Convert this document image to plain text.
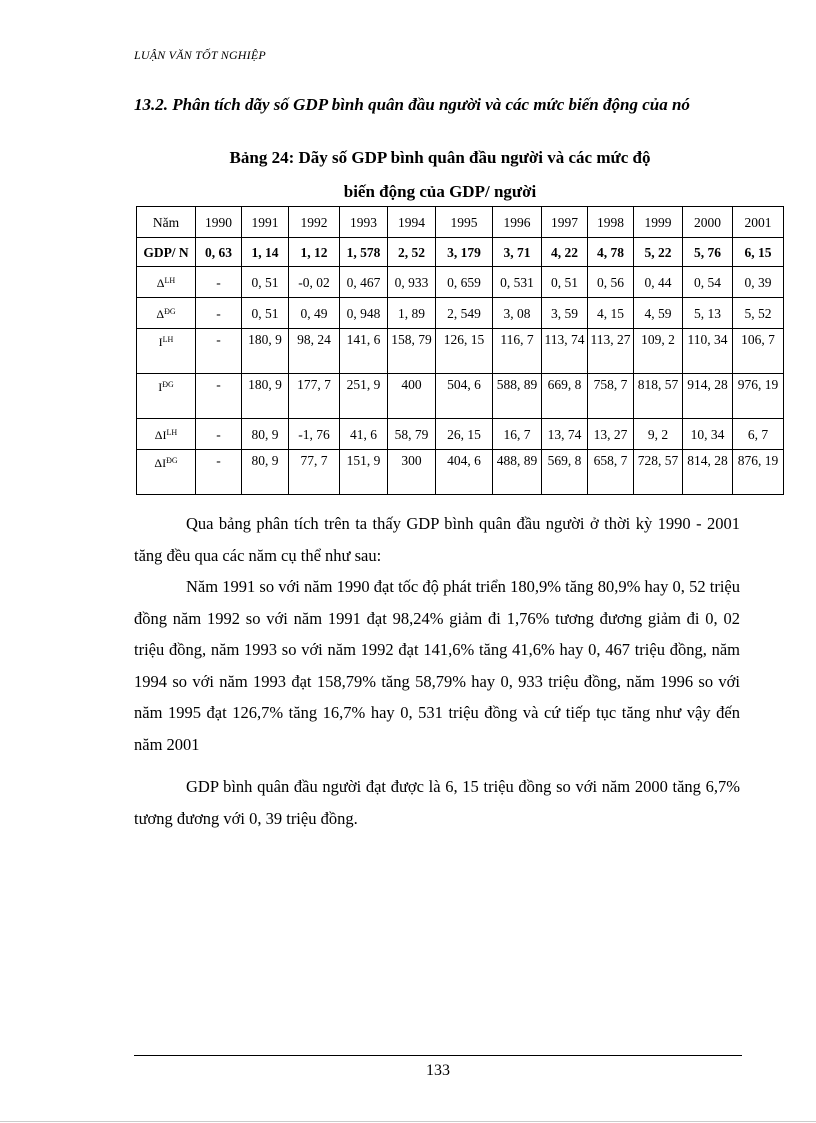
LUẬN VĂN TỐT NGHIỆP
13.2. Phân tích dãy số GDP bình quân đầu người và các mức biến động của nó
Bảng 24: Dãy số GDP bình quân đầu người và các mức độ
biến động của GDP/ người
Năm	1990	1991	1992	1993	1994	1995	1996	1997	1998	1999	2000	2001
GDP/ N	0, 63	1, 14	1, 12	1, 578	2, 52	3, 179	3, 71	4, 22	4, 78	5, 22	5, 76	6, 15
$\Delta^{LH}$	-	0, 51	-0, 02	0, 467	0, 933	0, 659	0, 531	0, 51	0, 56	0, 44	0, 54	0, 39
$\Delta^{ĐG}$	-	0, 51	0, 49	0, 948	1, 89	2, 549	3, 08	3, 59	4, 15	4, 59	5, 13	5, 52
$I^{LH}$	-	180, 9	98, 24	141, 6	158, 79	126, 15	116, 7	113, 74	113, 27	109, 2	110, 34	106, 7
$I^{ĐG}$	-	180, 9	177, 7	251, 9	400	504, 6	588, 89	669, 8	758, 7	818, 57	914, 28	976, 19
$\Delta I^{LH}$	-	80, 9	-1, 76	41, 6	58, 79	26, 15	16, 7	13, 74	13, 27	9, 2	10, 34	6, 7
$\Delta I^{ĐG}$	-	80, 9	77, 7	151, 9	300	404, 6	488, 89	569, 8	658, 7	728, 57	814, 28	876, 19
Qua bảng phân tích trên ta thấy GDP bình quân đầu người ở thời kỳ 1990 - 2001 tăng đều qua các năm cụ thể như sau:
Năm 1991 so với năm 1990 đạt tốc độ phát triển 180,9% tăng 80,9% hay 0, 52 triệu đồng năm 1992 so với năm 1991 đạt 98,24% giảm đi 1,76% tương đương giảm đi 0, 02 triệu đồng, năm 1993 so với năm 1992 đạt 141,6% tăng 41,6% hay 0, 467 triệu đồng, năm 1994 so với năm 1993 đạt 158,79% tăng 58,79% hay 0, 933 triệu đồng, năm 1996 so với năm 1995 đạt 126,7% tăng 16,7% hay 0, 531 triệu đồng và cứ tiếp tục tăng như vậy đến năm 2001
GDP bình quân đầu người đạt được là 6, 15 triệu đồng so với năm 2000 tăng 6,7% tương đương với 0, 39 triệu đồng.
133
